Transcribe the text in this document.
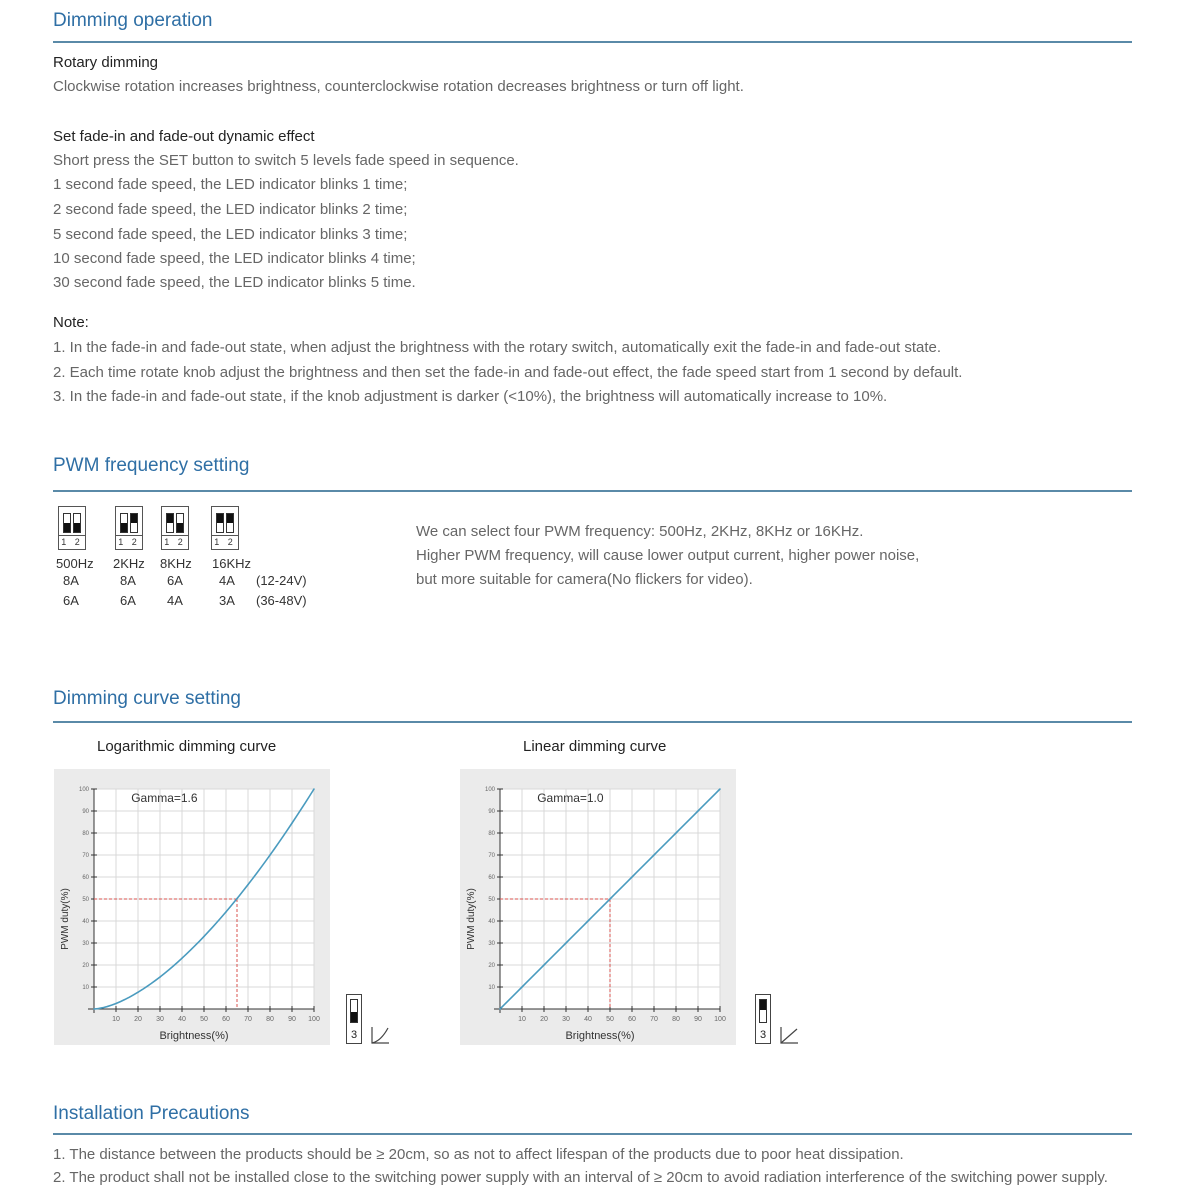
Dimming operation
Rotary dimming
Clockwise rotation increases brightness, counterclockwise rotation decreases brightness or turn off light.
Set fade-in and fade-out dynamic effect
Short press the SET button to switch 5 levels fade speed in sequence.
1 second fade speed, the LED indicator blinks 1 time;
2 second fade speed, the LED indicator blinks 2 time;
5 second fade speed, the LED indicator blinks 3 time;
10 second fade speed, the LED indicator blinks 4 time;
30 second fade speed, the LED indicator blinks 5 time.
Note:
1. In the fade-in and fade-out state, when adjust the brightness with the rotary switch, automatically exit the fade-in and fade-out state.
2. Each time rotate knob adjust the brightness and then set the fade-in and fade-out effect, the fade speed start from 1 second by default.
3. In the fade-in and fade-out state, if the knob adjustment is darker (<10%), the brightness will automatically increase to 10%.
PWM frequency setting
1 2	1 2	1 2	1 2
500Hz 2KHz 8KHz 16KHz
8A	8A 6A	4A (12-24V)
6A	6A 4A	3A (36-48V)
We can select four PWM frequency: 500Hz, 2KHz, 8KHz or 16KHz.
Higher PWM frequency, will cause lower output current, higher power noise,
but more suitable for camera(No flickers for video).
Dimming curve setting
Logarithmic dimming curve	Linear dimming curve
10 20 30 40 50 60 70 80 90 100
10
20
30
40
50
60
70
80
90
100
Brightness(%)
PWM duty(%)
Gamma=1.6
10 20 30 40 50 60 70 80 90 100
10
20
30
40
50
60
70
80
90
100
Brightness(%)
PWM duty(%)
Gamma=1.0
3	3
Installation Precautions
1. The distance between the products should be ≥ 20cm, so as not to affect lifespan of the products due to poor heat dissipation.
2. The product shall not be installed close to the switching power supply with an interval of ≥ 20cm to avoid radiation interference of the switching power supply.
